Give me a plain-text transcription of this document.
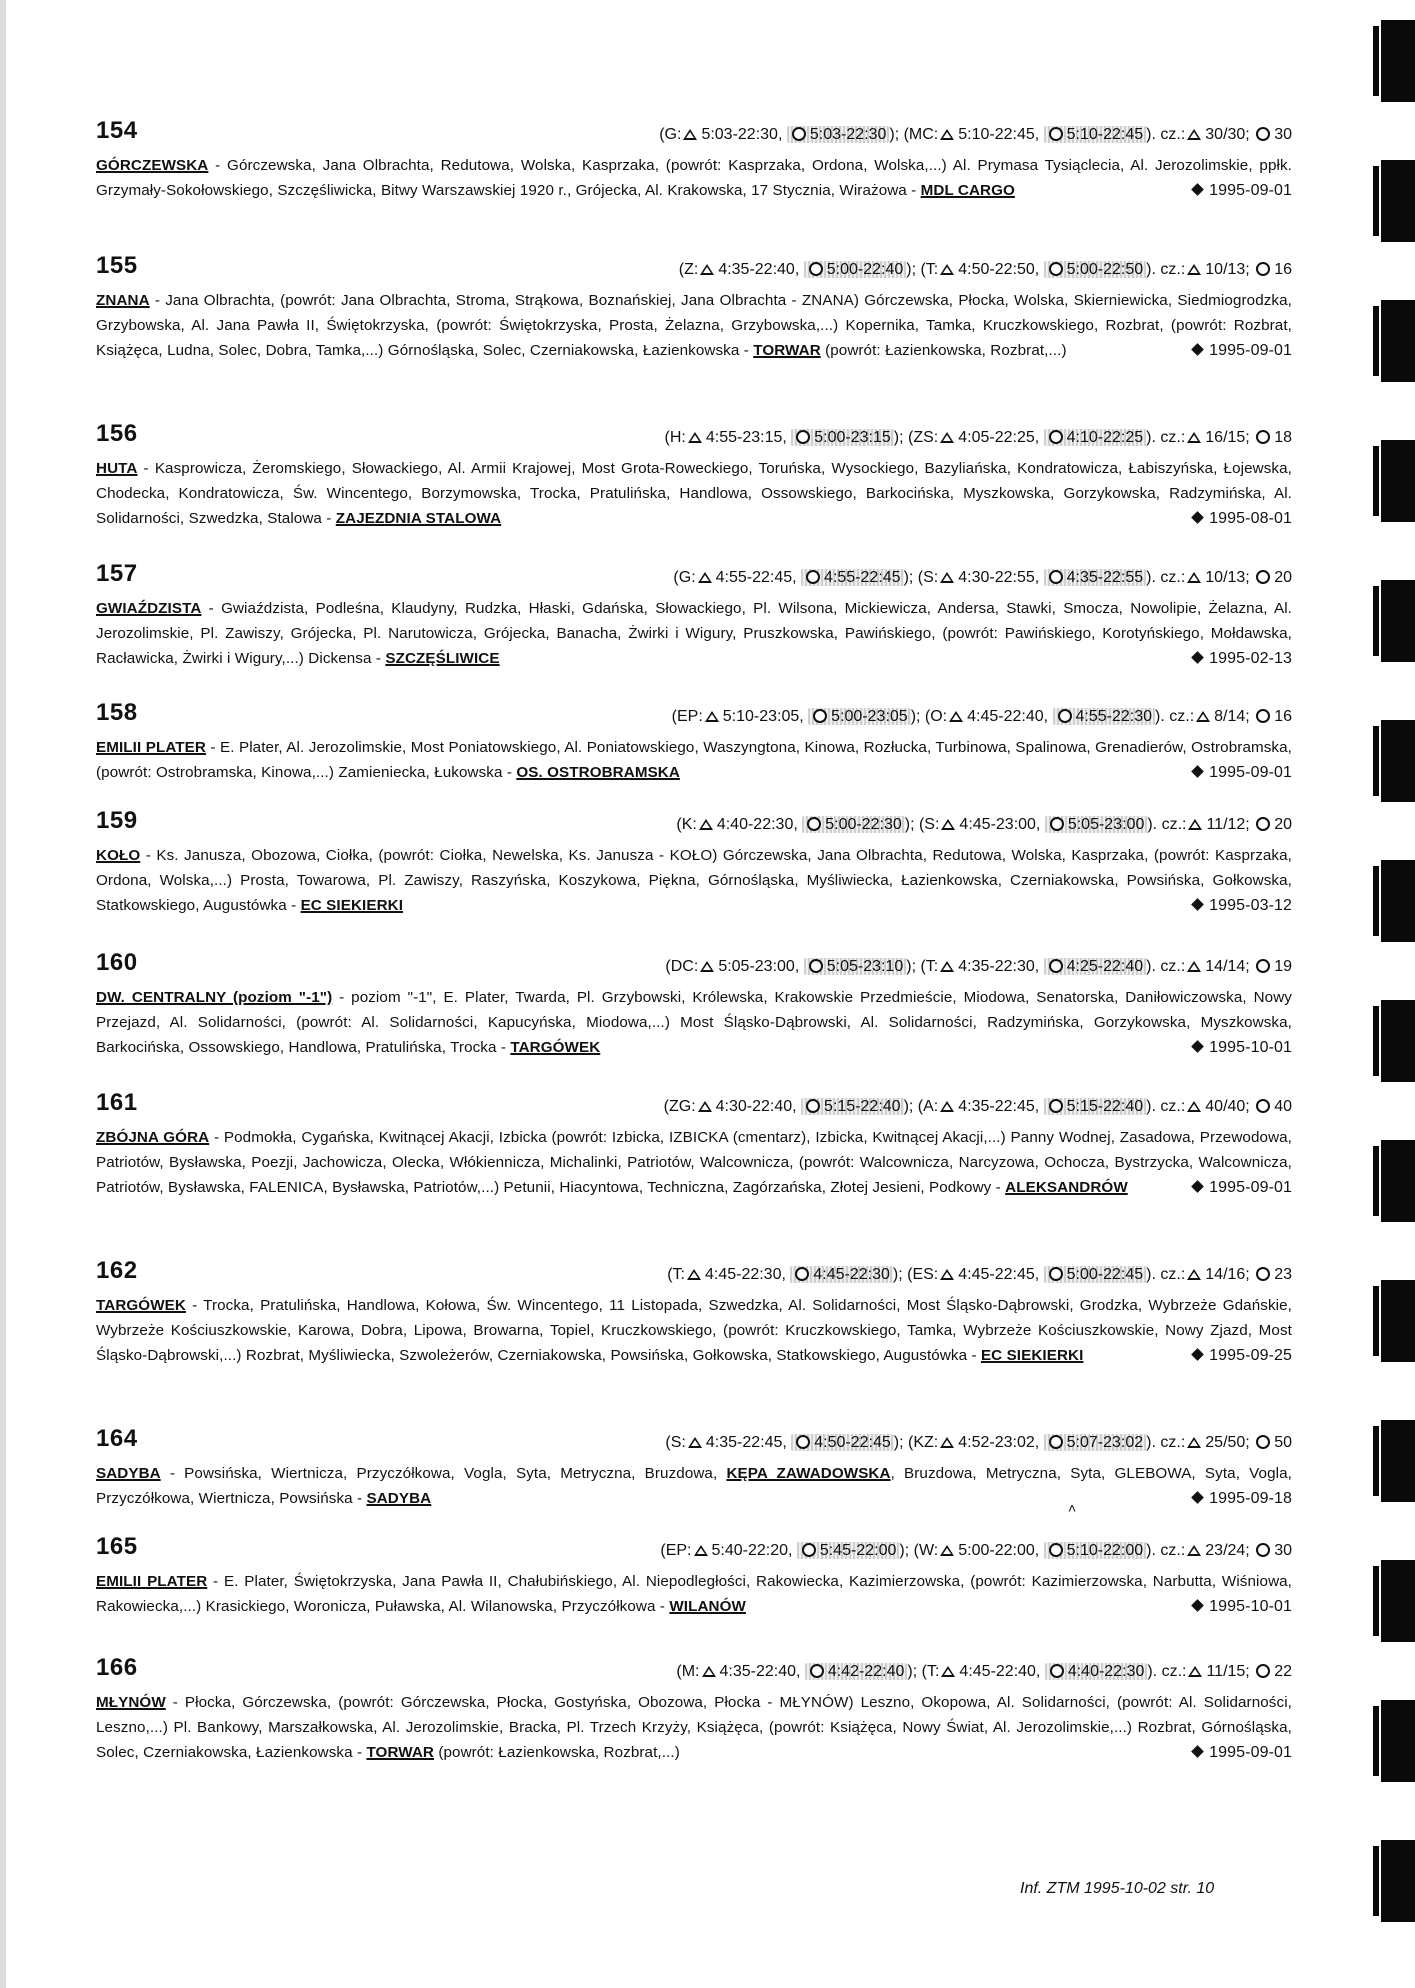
154	(G: 5:03-22:30, 5:03-22:30 ); (MC: 5:10-22:45, 5:10-22:45 ). cz.: 30/30; 30
GÓRCZEWSKA - Górczewska, Jana Olbrachta, Redutowa, Wolska, Kasprzaka, (powrót: Kasprzaka, Ordona, Wolska,...) Al. Prymasa Tysiąclecia, Al. Jerozolimskie, ppłk. Grzymały-Sokołowskiego, Szczęśliwicka, Bitwy Warszawskiej 1920 r., Grójecka, Al. Krakowska, 17 Stycznia, Wirażowa - MDL CARGO	1995-09-01
155	(Z: 4:35-22:40, 5:00-22:40 ); (T: 4:50-22:50, 5:00-22:50 ). cz.: 10/13; 16
ZNANA - Jana Olbrachta, (powrót: Jana Olbrachta, Stroma, Strąkowa, Boznańskiej, Jana Olbrachta - ZNANA) Górczewska, Płocka, Wolska, Skierniewicka, Siedmiogrodzka, Grzybowska, Al. Jana Pawła II, Świętokrzyska, (powrót: Świętokrzyska, Prosta, Żelazna, Grzybowska,...) Kopernika, Tamka, Kruczkowskiego, Rozbrat, (powrót: Rozbrat, Książęca, Ludna, Solec, Dobra, Tamka,...) Górnośląska, Solec, Czerniakowska, Łazienkowska - TORWAR (powrót: Łazienkowska, Rozbrat,...)	1995-09-01
156	(H: 4:55-23:15, 5:00-23:15 ); (ZS: 4:05-22:25, 4:10-22:25 ). cz.: 16/15; 18
HUTA - Kasprowicza, Żeromskiego, Słowackiego, Al. Armii Krajowej, Most Grota-Roweckiego, Toruńska, Wysockiego, Bazyliańska, Kondratowicza, Łabiszyńska, Łojewska, Chodecka, Kondratowicza, Św. Wincentego, Borzymowska, Trocka, Pratulińska, Handlowa, Ossowskiego, Barkocińska, Myszkowska, Gorzykowska, Radzymińska, Al. Solidarności, Szwedzka, Stalowa - ZAJEZDNIA STALOWA	1995-08-01
157	(G: 4:55-22:45, 4:55-22:45 ); (S: 4:30-22:55, 4:35-22:55 ). cz.: 10/13; 20
GWIAŹDZISTA - Gwiaździsta, Podleśna, Klaudyny, Rudzka, Hłaski, Gdańska, Słowackiego, Pl. Wilsona, Mickiewicza, Andersa, Stawki, Smocza, Nowolipie, Żelazna, Al. Jerozolimskie, Pl. Zawiszy, Grójecka, Pl. Narutowicza, Grójecka, Banacha, Żwirki i Wigury, Pruszkowska, Pawińskiego, (powrót: Pawińskiego, Korotyńskiego, Mołdawska, Racławicka, Żwirki i Wigury,...) Dickensa - SZCZĘŚLIWICE	1995-02-13
158	(EP: 5:10-23:05, 5:00-23:05 ); (O: 4:45-22:40, 4:55-22:30 ). cz.: 8/14; 16
EMILII PLATER - E. Plater, Al. Jerozolimskie, Most Poniatowskiego, Al. Poniatowskiego, Waszyngtona, Kinowa, Rozłucka, Turbinowa, Spalinowa, Grenadierów, Ostrobramska, (powrót: Ostrobramska, Kinowa,...) Zamieniecka, Łukowska - OS. OSTROBRAMSKA	1995-09-01
159	(K: 4:40-22:30, 5:00-22:30 ); (S: 4:45-23:00, 5:05-23:00 ). cz.: 11/12; 20
KOŁO - Ks. Janusza, Obozowa, Ciołka, (powrót: Ciołka, Newelska, Ks. Janusza - KOŁO) Górczewska, Jana Olbrachta, Redutowa, Wolska, Kasprzaka, (powrót: Kasprzaka, Ordona, Wolska,...) Prosta, Towarowa, Pl. Zawiszy, Raszyńska, Koszykowa, Piękna, Górnośląska, Myśliwiecka, Łazienkowska, Czerniakowska, Powsińska, Gołkowska, Statkowskiego, Augustówka - EC SIEKIERKI	1995-03-12
160	(DC: 5:05-23:00, 5:05-23:10 ); (T: 4:35-22:30, 4:25-22:40 ). cz.: 14/14; 19
DW. CENTRALNY (poziom "-1") - poziom "-1", E. Plater, Twarda, Pl. Grzybowski, Królewska, Krakowskie Przedmieście, Miodowa, Senatorska, Daniłowiczowska, Nowy Przejazd, Al. Solidarności, (powrót: Al. Solidarności, Kapucyńska, Miodowa,...) Most Śląsko-Dąbrowski, Al. Solidarności, Radzymińska, Gorzykowska, Myszkowska, Barkocińska, Ossowskiego, Handlowa, Pratulińska, Trocka - TARGÓWEK	1995-10-01
161	(ZG: 4:30-22:40, 5:15-22:40 ); (A: 4:35-22:45, 5:15-22:40 ). cz.: 40/40; 40
ZBÓJNA GÓRA - Podmokła, Cygańska, Kwitnącej Akacji, Izbicka (powrót: Izbicka, IZBICKA (cmentarz), Izbicka, Kwitnącej Akacji,...) Panny Wodnej, Zasadowa, Przewodowa, Patriotów, Bysławska, Poezji, Jachowicza, Olecka, Włókiennicza, Michalinki, Patriotów, Walcownicza, (powrót: Walcownicza, Narcyzowa, Ochocza, Bystrzycka, Walcownicza, Patriotów, Bysławska, FALENICA, Bysławska, Patriotów,...) Petunii, Hiacyntowa, Techniczna, Zagórzańska, Złotej Jesieni, Podkowy - ALEKSANDRÓW	1995-09-01
162	(T: 4:45-22:30, 4:45-22:30 ); (ES: 4:45-22:45, 5:00-22:45 ). cz.: 14/16; 23
TARGÓWEK - Trocka, Pratulińska, Handlowa, Kołowa, Św. Wincentego, 11 Listopada, Szwedzka, Al. Solidarności, Most Śląsko-Dąbrowski, Grodzka, Wybrzeże Gdańskie, Wybrzeże Kościuszkowskie, Karowa, Dobra, Lipowa, Browarna, Topiel, Kruczkowskiego, (powrót: Kruczkowskiego, Tamka, Wybrzeże Kościuszkowskie, Nowy Zjazd, Most Śląsko-Dąbrowski,...) Rozbrat, Myśliwiecka, Szwoleżerów, Czerniakowska, Powsińska, Gołkowska, Statkowskiego, Augustówka - EC SIEKIERKI	1995-09-25
164	(S: 4:35-22:45, 4:50-22:45 ); (KZ: 4:52-23:02, 5:07-23:02 ). cz.: 25/50; 50
SADYBA - Powsińska, Wiertnicza, Przyczółkowa, Vogla, Syta, Metryczna, Bruzdowa, KĘPA ZAWADOWSKA, Bruzdowa, Metryczna, Syta, GLEBOWA, Syta, Vogla, Przyczółkowa, Wiertnicza, Powsińska - SADYBA	1995-09-18
165	(EP: 5:40-22:20, 5:45-22:00 ); (W: 5:00-22:00, 5:10-22:00 ). cz.: 23/24; 30
EMILII PLATER - E. Plater, Świętokrzyska, Jana Pawła II, Chałubińskiego, Al. Niepodległości, Rakowiecka, Kazimierzowska, (powrót: Kazimierzowska, Narbutta, Wiśniowa, Rakowiecka,...) Krasickiego, Woronicza, Puławska, Al. Wilanowska, Przyczółkowa - WILANÓW	1995-10-01
166	(M: 4:35-22:40, 4:42-22:40 ); (T: 4:45-22:40, 4:40-22:30 ). cz.: 11/15; 22
MŁYNÓW - Płocka, Górczewska, (powrót: Górczewska, Płocka, Gostyńska, Obozowa, Płocka - MŁYNÓW) Leszno, Okopowa, Al. Solidarności, (powrót: Al. Solidarności, Leszno,...) Pl. Bankowy, Marszałkowska, Al. Jerozolimskie, Bracka, Pl. Trzech Krzyży, Książęca, (powrót: Książęca, Nowy Świat, Al. Jerozolimskie,...) Rozbrat, Górnośląska, Solec, Czerniakowska, Łazienkowska - TORWAR (powrót: Łazienkowska, Rozbrat,...)	1995-09-01
˄
Inf. ZTM 1995-10-02 str. 10
